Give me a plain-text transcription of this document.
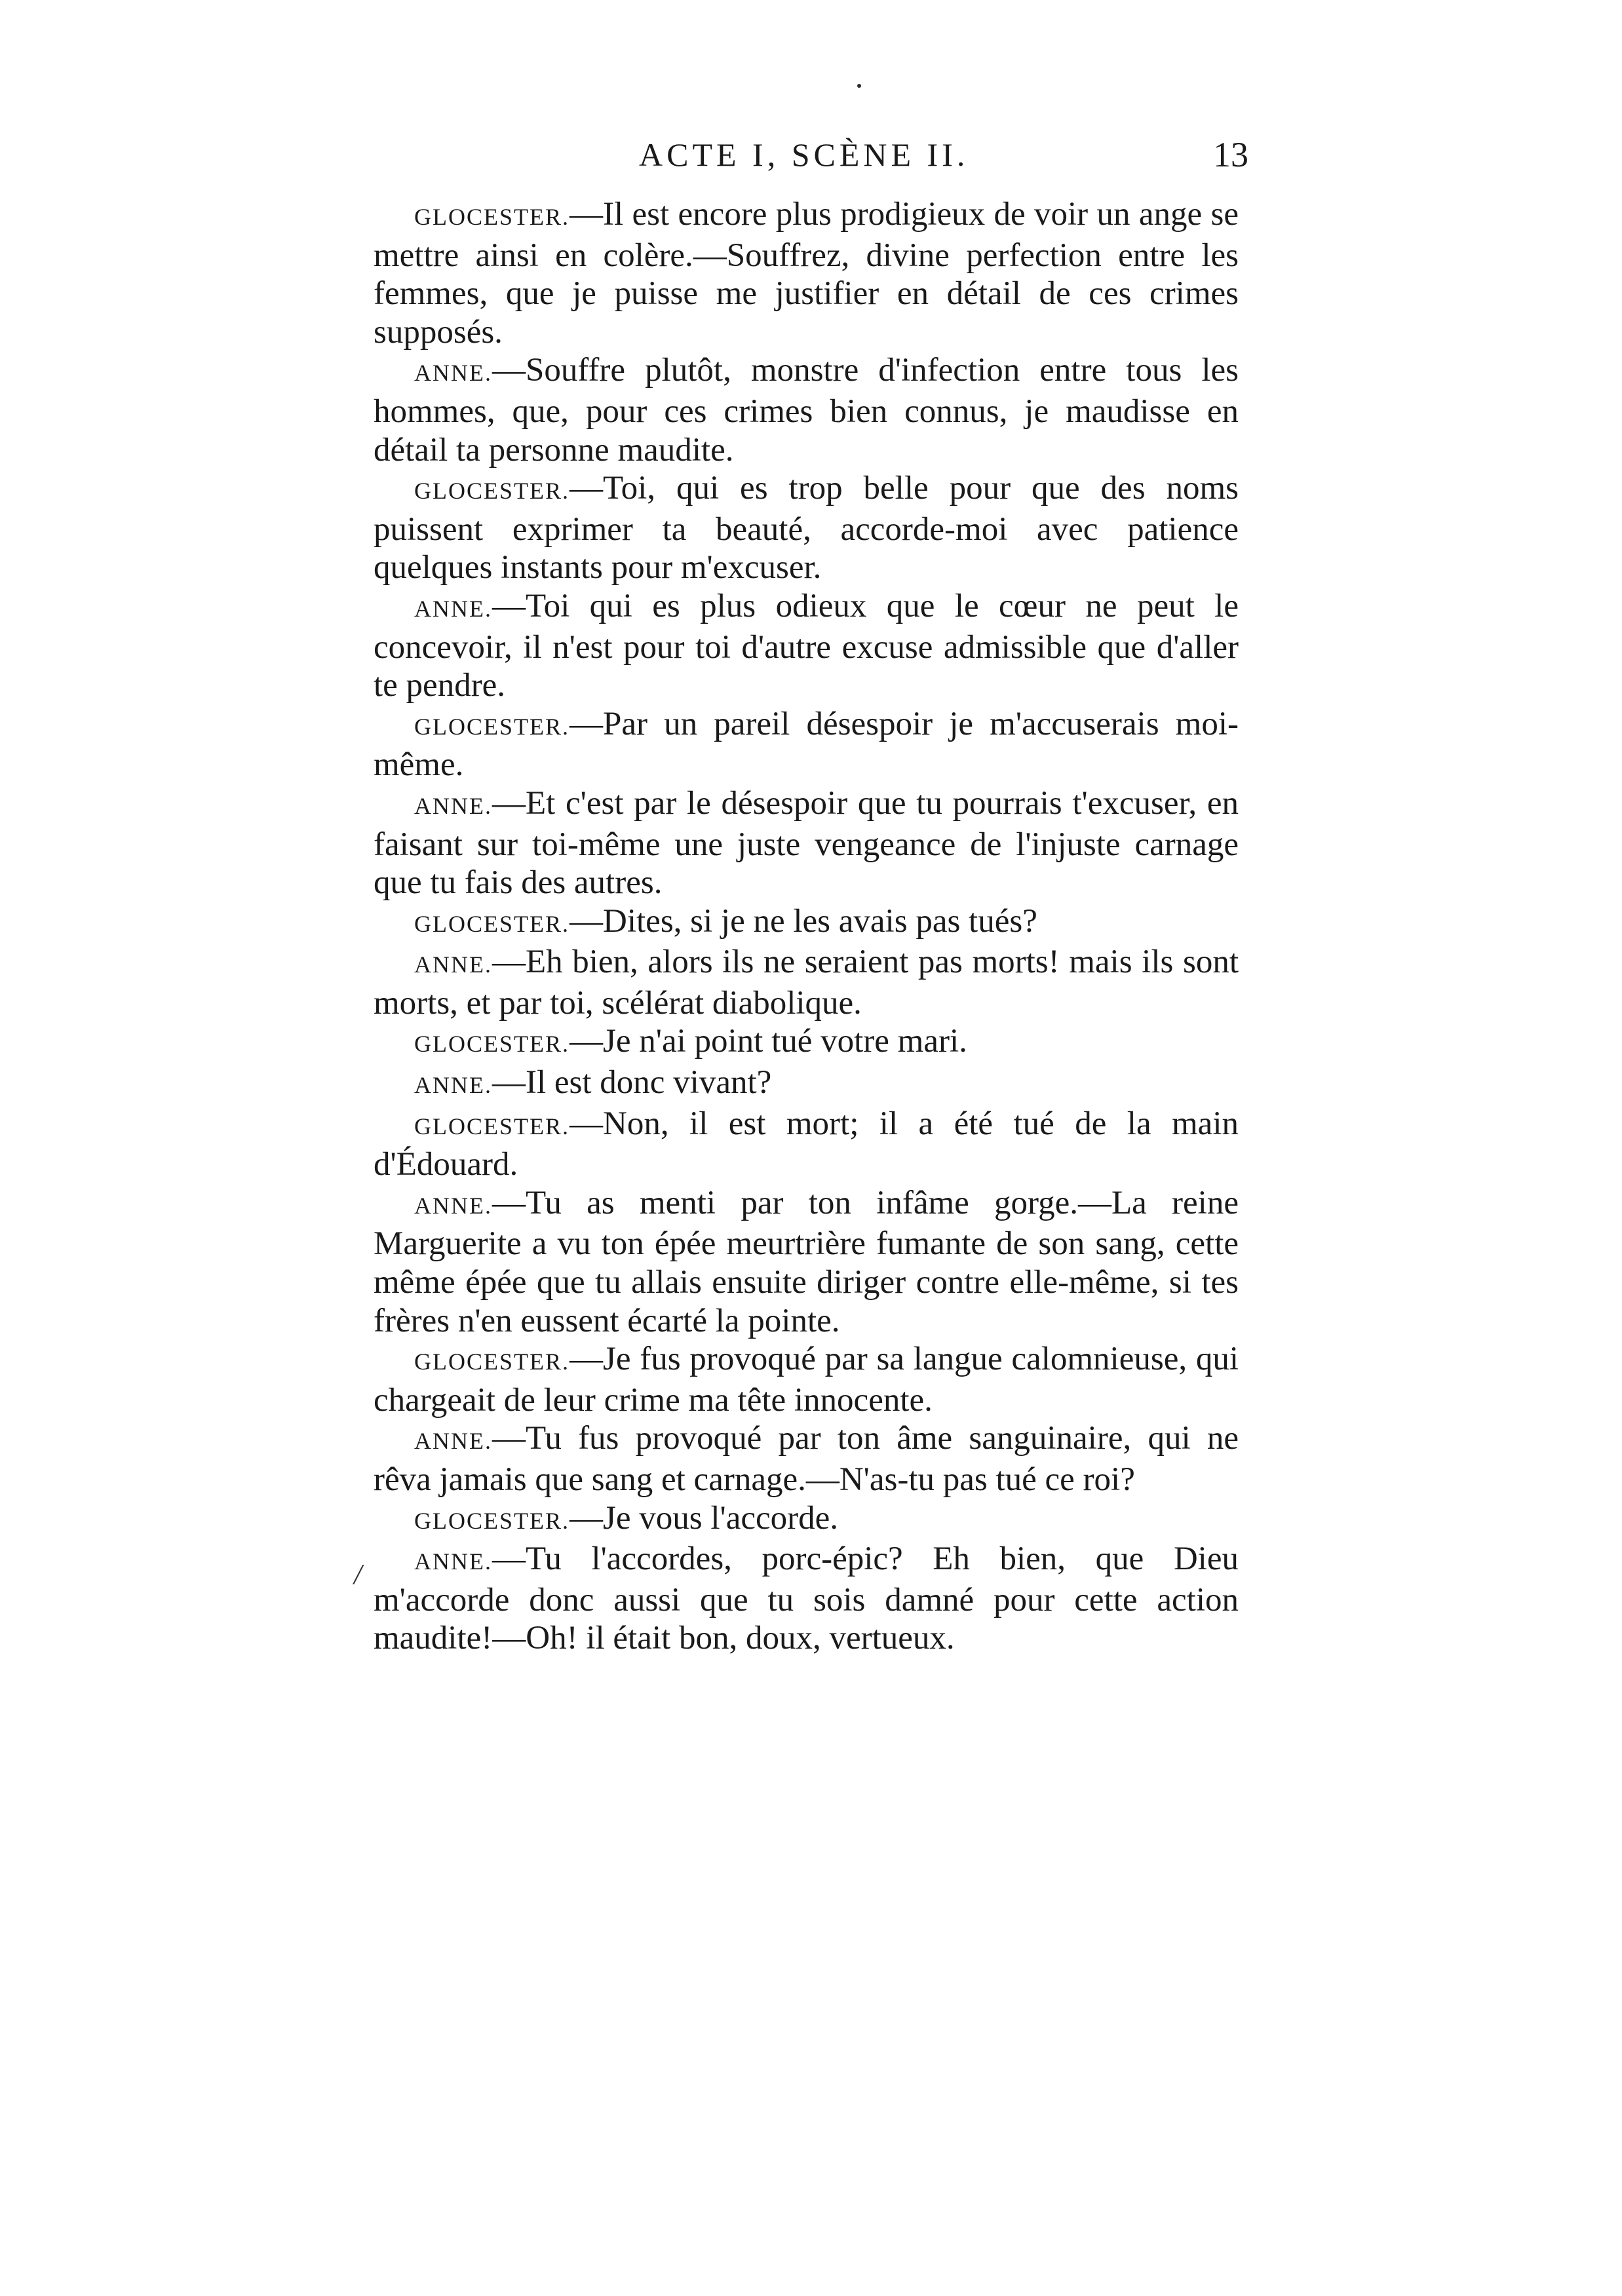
ACTE I, SCÈNE II.	13
/

GLOCESTER.—Il est encore plus prodigieux de voir un ange se mettre ainsi en colère.—Souffrez, divine perfection entre les femmes, que je puisse me justifier en détail de ces crimes supposés.

ANNE.—Souffre plutôt, monstre d'infection entre tous les hommes, que, pour ces crimes bien connus, je maudisse en détail ta personne maudite.

GLOCESTER.—Toi, qui es trop belle pour que des noms puissent exprimer ta beauté, accorde-moi avec patience quelques instants pour m'excuser.

ANNE.—Toi qui es plus odieux que le cœur ne peut le concevoir, il n'est pour toi d'autre excuse admissible que d'aller te pendre.

GLOCESTER.—Par un pareil désespoir je m'accuserais moi-même.

ANNE.—Et c'est par le désespoir que tu pourrais t'excuser, en faisant sur toi-même une juste vengeance de l'injuste carnage que tu fais des autres.

GLOCESTER.—Dites, si je ne les avais pas tués?

ANNE.—Eh bien, alors ils ne seraient pas morts! mais ils sont morts, et par toi, scélérat diabolique.

GLOCESTER.—Je n'ai point tué votre mari.

ANNE.—Il est donc vivant?

GLOCESTER.—Non, il est mort; il a été tué de la main d'Édouard.

ANNE.—Tu as menti par ton infâme gorge.—La reine Marguerite a vu ton épée meurtrière fumante de son sang, cette même épée que tu allais ensuite diriger contre elle-même, si tes frères n'en eussent écarté la pointe.

GLOCESTER.—Je fus provoqué par sa langue calomnieuse, qui chargeait de leur crime ma tête innocente.

ANNE.—Tu fus provoqué par ton âme sanguinaire, qui ne rêva jamais que sang et carnage.—N'as-tu pas tué ce roi?

GLOCESTER.—Je vous l'accorde.

ANNE.—Tu l'accordes, porc-épic? Eh bien, que Dieu m'accorde donc aussi que tu sois damné pour cette action maudite!—Oh! il était bon, doux, vertueux.
